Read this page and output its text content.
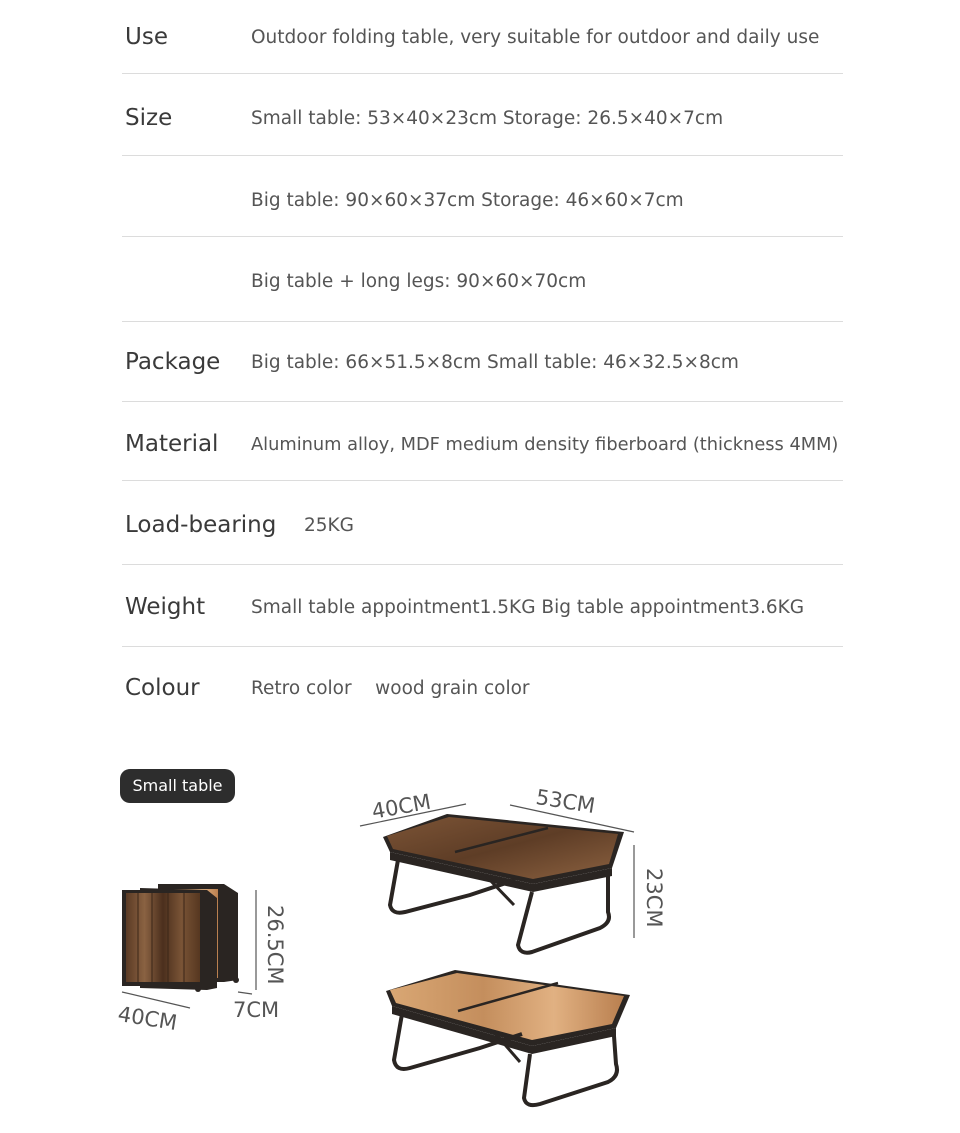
Use	Outdoor folding table, very suitable for outdoor and daily use
Size	Small table: 53×40×23cm Storage: 26.5×40×7cm
Big table: 90×60×37cm Storage: 46×60×7cm
Big table + long legs: 90×60×70cm
Package Big table: 66×51.5×8cm Small table: 46×32.5×8cm
Material Aluminum alloy, MDF medium density fiberboard (thickness 4MM)
Load-bearing 25KG
Weight Small table appointment1.5KG Big table appointment3.6KG
Colour	Retro color    wood grain color
Small table
40CM	7CM
26.5CM
40CM	53CM
23CM
